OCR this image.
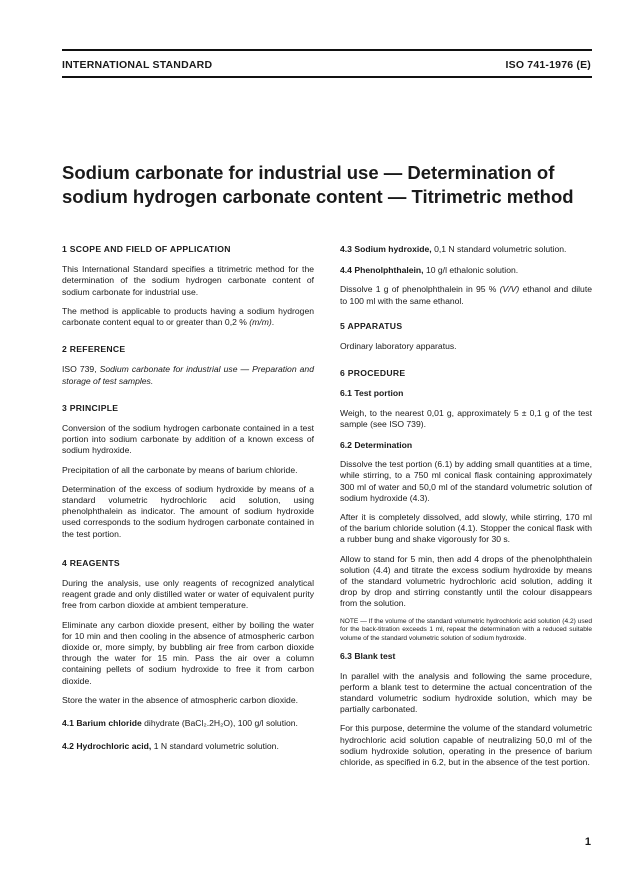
INTERNATIONAL STANDARD	ISO 741-1976 (E)
Sodium carbonate for industrial use — Determination of
sodium hydrogen carbonate content — Titrimetric method
1 SCOPE AND FIELD OF APPLICATION

This International Standard specifies a titrimetric method for the determination of the sodium hydrogen carbonate content of sodium carbonate for industrial use.

The method is applicable to products having a sodium hydrogen carbonate content equal to or greater than 0,2 % (m/m).

2 REFERENCE

ISO 739, Sodium carbonate for industrial use — Preparation and storage of test samples.

3 PRINCIPLE

Conversion of the sodium hydrogen carbonate contained in a test portion into sodium carbonate by addition of a known excess of sodium hydroxide.

Precipitation of all the carbonate by means of barium chloride.

Determination of the excess of sodium hydroxide by means of a standard volumetric hydrochloric acid solution, using phenolphthalein as indicator. The amount of sodium hydroxide used corresponds to the sodium hydrogen carbonate contained in the test portion.

4 REAGENTS

During the analysis, use only reagents of recognized analytical reagent grade and only distilled water or water of equivalent purity free from carbon dioxide at ambient temperature.

Eliminate any carbon dioxide present, either by boiling the water for 10 min and then cooling in the absence of atmospheric carbon dioxide or, more simply, by bubbling air free from carbon dioxide through the water for 15 min. Pass the air over a column containing pellets of sodium hydroxide to free it from carbon dioxide.

Store the water in the absence of atmospheric carbon dioxide.

4.1 Barium chloride dihydrate (BaCl₂.2H₂O), 100 g/l solution.

4.2 Hydrochloric acid, 1 N standard volumetric solution.

4.3 Sodium hydroxide, 0,1 N standard volumetric solution.

4.4 Phenolphthalein, 10 g/l ethalonic solution.

Dissolve 1 g of phenolphthalein in 95 % (V/V) ethanol and dilute to 100 ml with the same ethanol.

5 APPARATUS

Ordinary laboratory apparatus.

6 PROCEDURE
6.1 Test portion

Weigh, to the nearest 0,01 g, approximately 5 ± 0,1 g of the test sample (see ISO 739).

6.2 Determination

Dissolve the test portion (6.1) by adding small quantities at a time, while stirring, to a 750 ml conical flask containing approximately 300 ml of water and 50,0 ml of the standard volumetric solution of sodium hydroxide (4.3).

After it is completely dissolved, add slowly, while stirring, 170 ml of the barium chloride solution (4.1). Stopper the conical flask with a rubber bung and shake vigorously for 30 s.

Allow to stand for 5 min, then add 4 drops of the phenolphthalein solution (4.4) and titrate the excess sodium hydroxide by means of the standard volumetric hydrochloric acid solution, adding it drop by drop and stirring constantly until the colour disappears from the solution.

NOTE — If the volume of the standard volumetric hydrochloric acid solution (4.2) used for the back-titration exceeds 1 ml, repeat the determination with a reduced suitable volume of the standard volumetric solution of sodium hydroxide.
6.3 Blank test

In parallel with the analysis and following the same procedure, perform a blank test to determine the actual concentration of the standard volumetric sodium hydroxide solution, which may be partially carbonated.

For this purpose, determine the volume of the standard volumetric hydrochloric acid solution capable of neutralizing 50,0 ml of the sodium hydroxide solution, operating in the presence of barium chloride, as specified in 6.2, but in the absence of the test portion.

1
